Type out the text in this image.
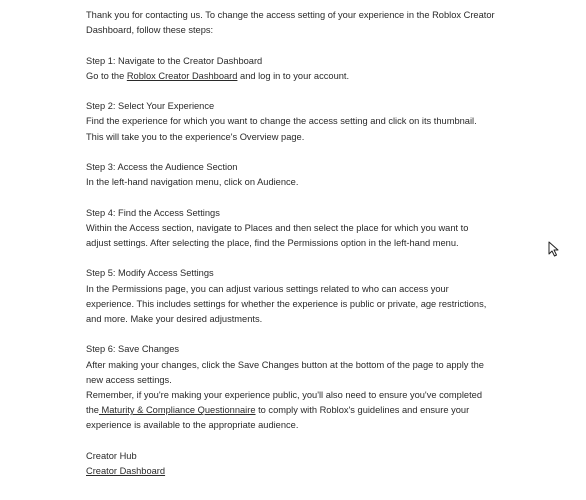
Thank you for contacting us. To change the access setting of your experience in the Roblox Creator
Dashboard, follow these steps:

Step 1: Navigate to the Creator Dashboard
Go to the Roblox Creator Dashboard and log in to your account.

Step 2: Select Your Experience
Find the experience for which you want to change the access setting and click on its thumbnail.
This will take you to the experience's Overview page.

Step 3: Access the Audience Section
In the left-hand navigation menu, click on Audience.

Step 4: Find the Access Settings
Within the Access section, navigate to Places and then select the place for which you want to
adjust settings. After selecting the place, find the Permissions option in the left-hand menu.

Step 5: Modify Access Settings
In the Permissions page, you can adjust various settings related to who can access your
experience. This includes settings for whether the experience is public or private, age restrictions,
and more. Make your desired adjustments.

Step 6: Save Changes
After making your changes, click the Save Changes button at the bottom of the page to apply the
new access settings.
Remember, if you're making your experience public, you'll also need to ensure you've completed
the Maturity & Compliance Questionnaire to comply with Roblox's guidelines and ensure your
experience is available to the appropriate audience.

Creator Hub
Creator Dashboard
